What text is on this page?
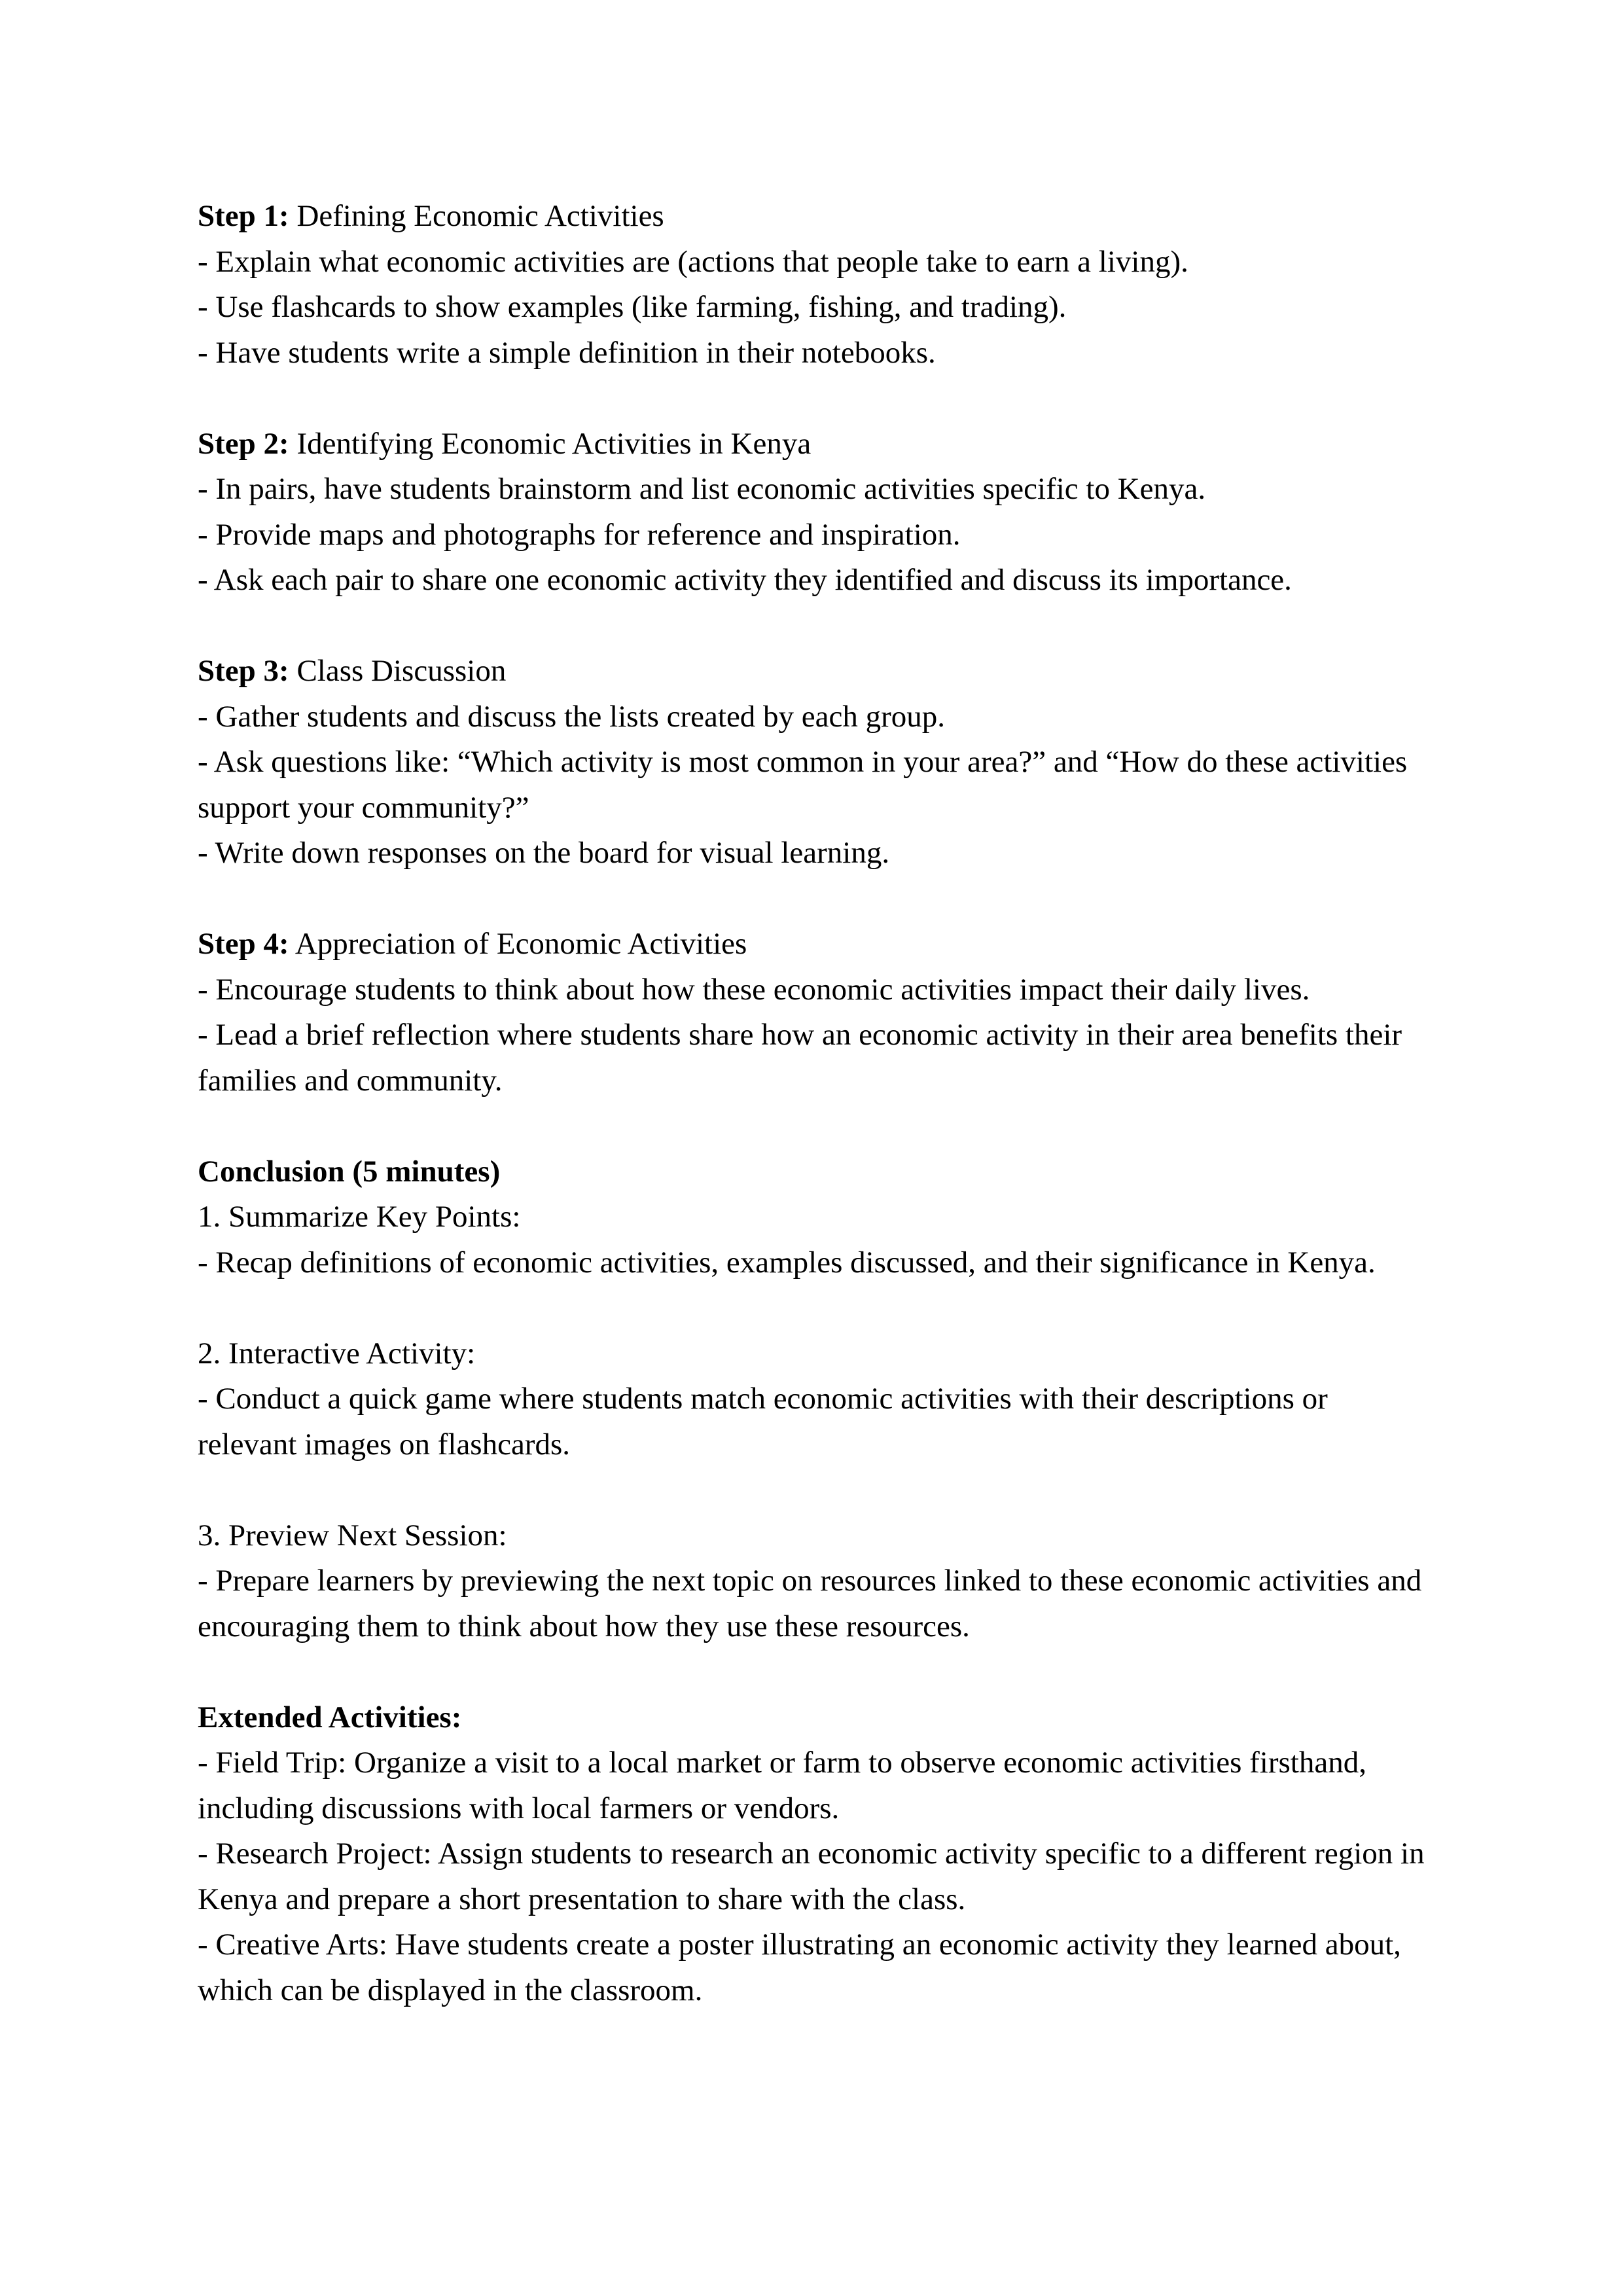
Step 1: Defining Economic Activities
- Explain what economic activities are (actions that people take to earn a living).
- Use flashcards to show examples (like farming, fishing, and trading).
- Have students write a simple definition in their notebooks.
Step 2: Identifying Economic Activities in Kenya
- In pairs, have students brainstorm and list economic activities specific to Kenya.
- Provide maps and photographs for reference and inspiration.
- Ask each pair to share one economic activity they identified and discuss its importance.
Step 3: Class Discussion
- Gather students and discuss the lists created by each group.
- Ask questions like: “Which activity is most common in your area?” and “How do these activities support your community?”
- Write down responses on the board for visual learning.
Step 4: Appreciation of Economic Activities
- Encourage students to think about how these economic activities impact their daily lives.
- Lead a brief reflection where students share how an economic activity in their area benefits their families and community.
Conclusion (5 minutes)
1. Summarize Key Points:
- Recap definitions of economic activities, examples discussed, and their significance in Kenya.
2. Interactive Activity:
- Conduct a quick game where students match economic activities with their descriptions or relevant images on flashcards.
3. Preview Next Session:
- Prepare learners by previewing the next topic on resources linked to these economic activities and encouraging them to think about how they use these resources.
Extended Activities:
- Field Trip: Organize a visit to a local market or farm to observe economic activities firsthand, including discussions with local farmers or vendors.
- Research Project: Assign students to research an economic activity specific to a different region in Kenya and prepare a short presentation to share with the class.
- Creative Arts: Have students create a poster illustrating an economic activity they learned about, which can be displayed in the classroom.
